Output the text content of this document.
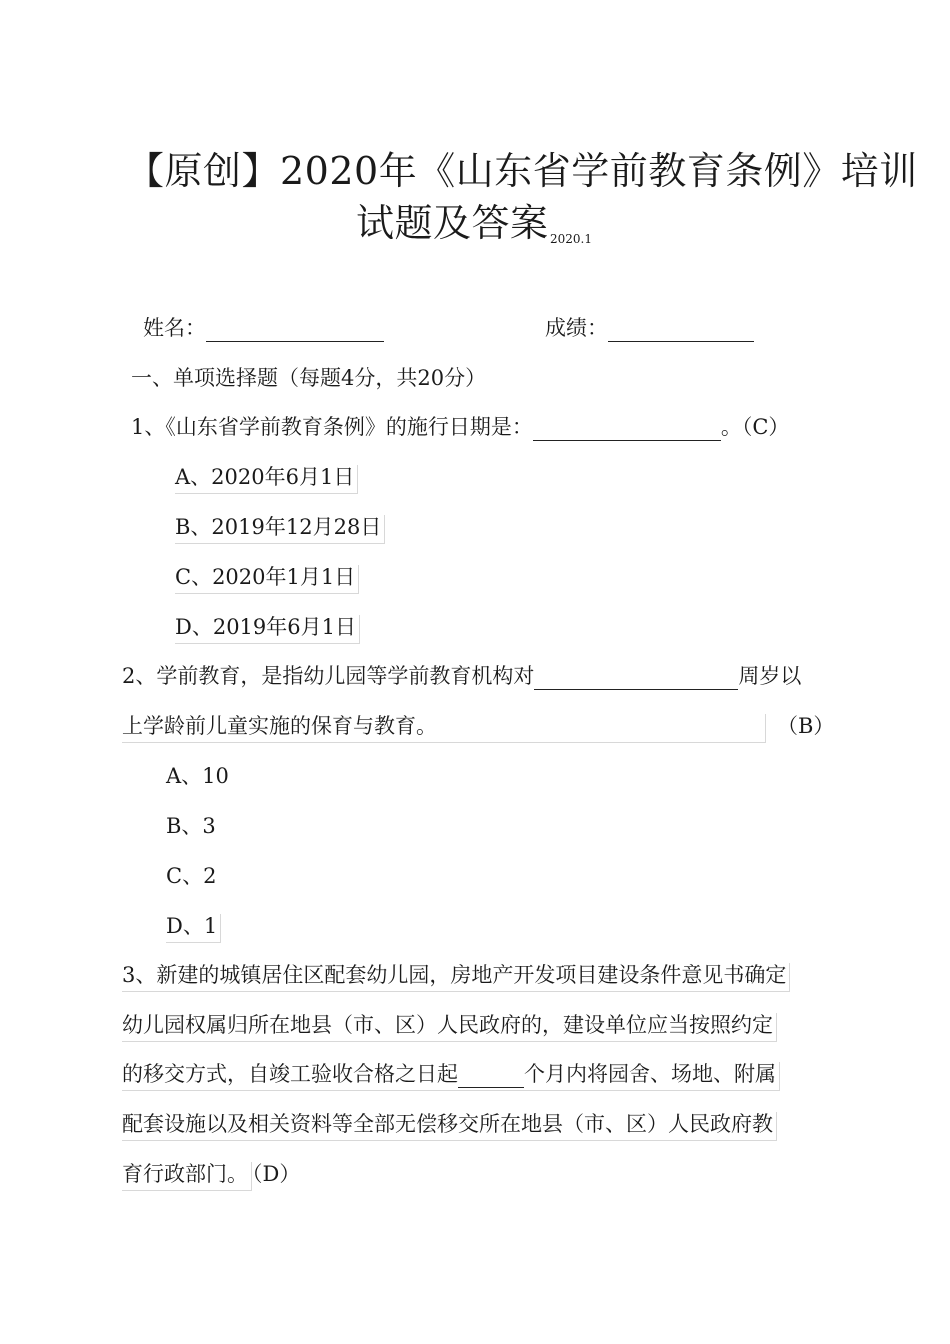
【原创】2020年《山东省学前教育条例》培训
试题及答案 2020.1
姓名：	成绩：
一、单项选择题（每题4分，共20分）
1、《山东省学前教育条例》的施行日期是：	。（C）
A、2020年6月1日
B、2019年12月28日
C、2020年1月1日
D、2019年6月1日
2、学前教育，是指幼儿园等学前教育机构对	周岁以
上学龄前儿童实施的保育与教育。	（B）
A、10
B、3
C、2
D、1
3、新建的城镇居住区配套幼儿园，房地产开发项目建设条件意见书确定
幼儿园权属归所在地县（市、区）人民政府的，建设单位应当按照约定
的移交方式，自竣工验收合格之日起	个月内将园舍、场地、附属
配套设施以及相关资料等全部无偿移交所在地县（市、区）人民政府教
育行政部门。 （D）
